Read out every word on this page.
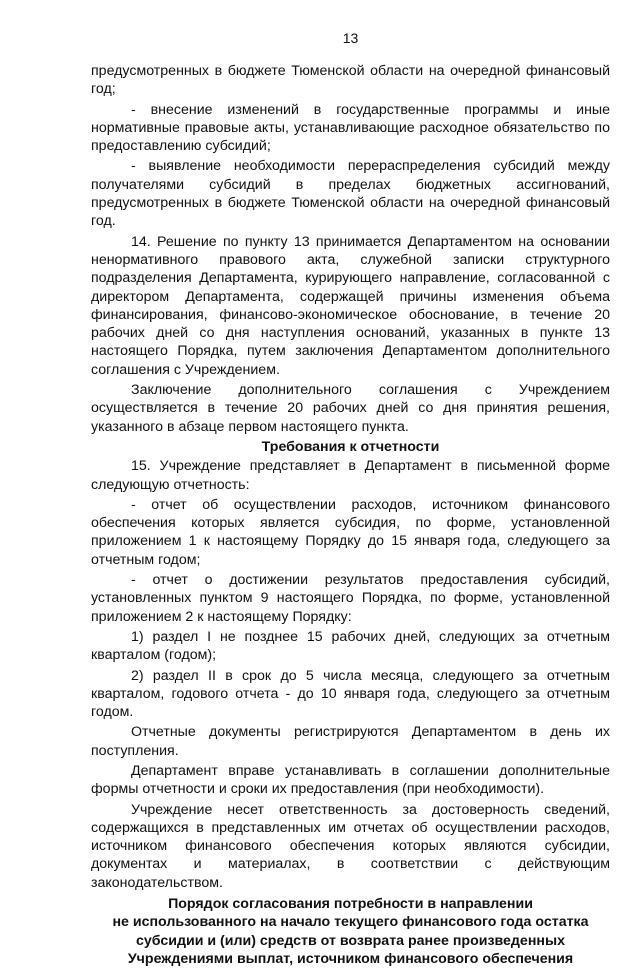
13

предусмотренных в бюджете Тюменской области на очередной финансовый год;

- внесение изменений в государственные программы и иные нормативные правовые акты, устанавливающие расходное обязательство по предоставлению субсидий;

- выявление необходимости перераспределения субсидий между получателями субсидий в пределах бюджетных ассигнований, предусмотренных в бюджете Тюменской области на очередной финансовый год.

14. Решение по пункту 13 принимается Департаментом на основании ненормативного правового акта, служебной записки структурного подразделения Департамента, курирующего направление, согласованной с директором Департамента, содержащей причины изменения объема финансирования, финансово-экономическое обоснование, в течение 20 рабочих дней со дня наступления оснований, указанных в пункте 13 настоящего Порядка, путем заключения Департаментом дополнительного соглашения с Учреждением.

Заключение дополнительного соглашения с Учреждением осуществляется в течение 20 рабочих дней со дня принятия решения, указанного в абзаце первом настоящего пункта.

Требования к отчетности

15. Учреждение представляет в Департамент в письменной форме следующую отчетность:

- отчет об осуществлении расходов, источником финансового обеспечения которых является субсидия, по форме, установленной приложением 1 к настоящему Порядку до 15 января года, следующего за отчетным годом;

- отчет о достижении результатов предоставления субсидий, установленных пунктом 9 настоящего Порядка, по форме, установленной приложением 2 к настоящему Порядку:

1) раздел I не позднее 15 рабочих дней, следующих за отчетным кварталом (годом);

2) раздел II в срок до 5 числа месяца, следующего за отчетным кварталом, годового отчета - до 10 января года, следующего за отчетным годом.

Отчетные документы регистрируются Департаментом в день их поступления.

Департамент вправе устанавливать в соглашении дополнительные формы отчетности и сроки их предоставления (при необходимости).

Учреждение несет ответственность за достоверность сведений, содержащихся в представленных им отчетах об осуществлении расходов, источником финансового обеспечения которых являются субсидии, документах и материалах, в соответствии с действующим законодательством.

Порядок согласования потребности в направлении
не использованного на начало текущего финансового года остатка
субсидии и (или) средств от возврата ранее произведенных
Учреждениями выплат, источником финансового обеспечения
